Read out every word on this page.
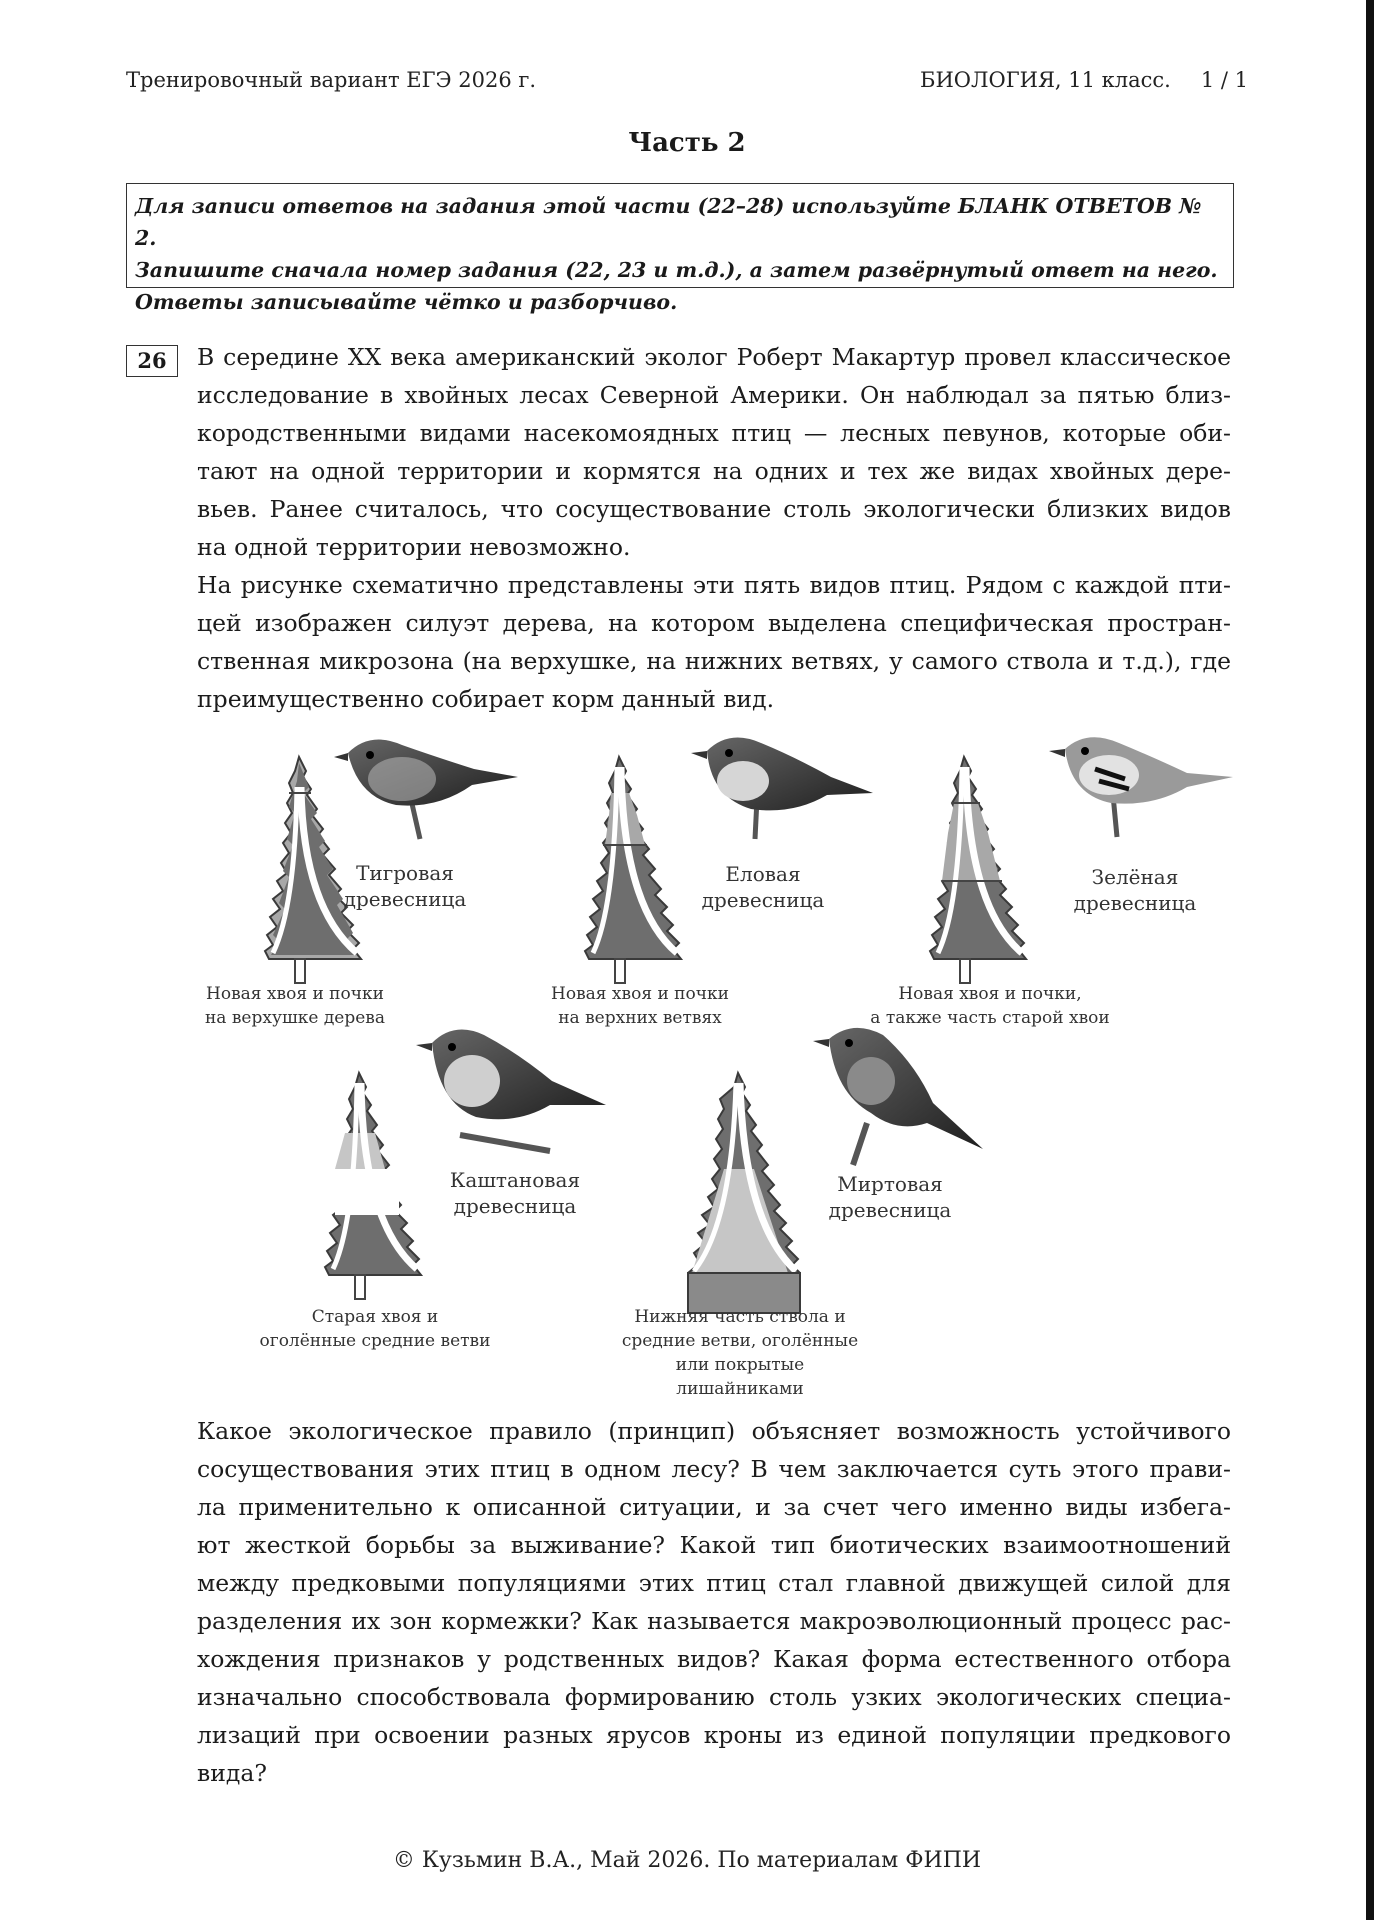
Тренировочный вариант ЕГЭ 2026 г.	БИОЛОГИЯ, 11 класс. 1 / 1
Часть 2
Для записи ответов на задания этой части (22–28) используйте БЛАНК ОТВЕТОВ № 2.
Запишите сначала номер задания (22, 23 и т.д.), а затем развёрнутый ответ на него.
Ответы записывайте чётко и разборчиво.
26	В середине XX века американский эколог Роберт Макартур провел классическое
исследование в хвойных лесах Северной Америки. Он наблюдал за пятью близ-
кородственными видами насекомоядных птиц — лесных певунов, которые оби-
тают на одной территории и кормятся на одних и тех же видах хвойных дере-
вьев. Ранее считалось, что сосуществование столь экологически близких видов
на одной территории невозможно.
На рисунке схематично представлены эти пять видов птиц. Рядом с каждой пти-
цей изображен силуэт дерева, на котором выделена специфическая простран-
ственная микрозона (на верхушке, на нижних ветвях, у самого ствола и т.д.), где
преимущественно собирает корм данный вид.
Тигровая
древесница
Еловая
древесница
Зелёная
древесница
Каштановая
древесница
Миртовая
древесница
Новая хвоя и почки
на верхушке дерева
Новая хвоя и почки
на верхних ветвях
Новая хвоя и почки,
а также часть старой хвои
Старая хвоя и
оголённые средние ветви
Нижняя часть ствола и
средние ветви, оголённые
или покрытые лишайниками
Какое экологическое правило (принцип) объясняет возможность устойчивого
сосуществования этих птиц в одном лесу? В чем заключается суть этого прави-
ла применительно к описанной ситуации, и за счет чего именно виды избега-
ют жесткой борьбы за выживание? Какой тип биотических взаимоотношений
между предковыми популяциями этих птиц стал главной движущей силой для
разделения их зон кормежки? Как называется макроэволюционный процесс рас-
хождения признаков у родственных видов? Какая форма естественного отбора
изначально способствовала формированию столь узких экологических специа-
лизаций при освоении разных ярусов кроны из единой популяции предкового
вида?
© Кузьмин В.А., Май 2026. По материалам ФИПИ
